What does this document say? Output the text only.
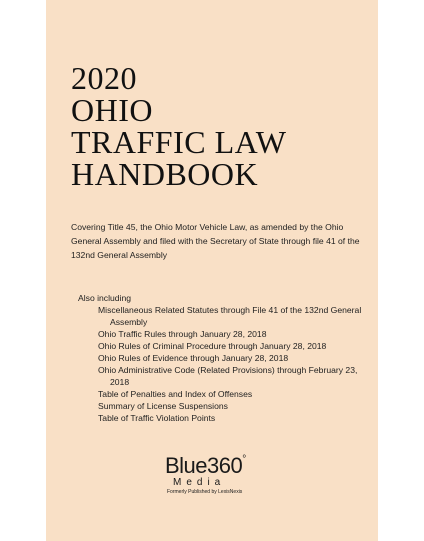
2020
OHIO
TRAFFIC LAW
HANDBOOK
Covering Title 45, the Ohio Motor Vehicle Law, as amended by the Ohio General Assembly and filed with the Secretary of State through file 41 of the 132nd General Assembly
Also including
Miscellaneous Related Statutes through File 41 of the 132nd General Assembly
Ohio Traffic Rules through January 28, 2018
Ohio Rules of Criminal Procedure through January 28, 2018
Ohio Rules of Evidence through January 28, 2018
Ohio Administrative Code (Related Provisions) through February 23, 2018
Table of Penalties and Index of Offenses
Summary of License Suspensions
Table of Traffic Violation Points
Blue360°
Media
Formerly Published by LexisNexis
